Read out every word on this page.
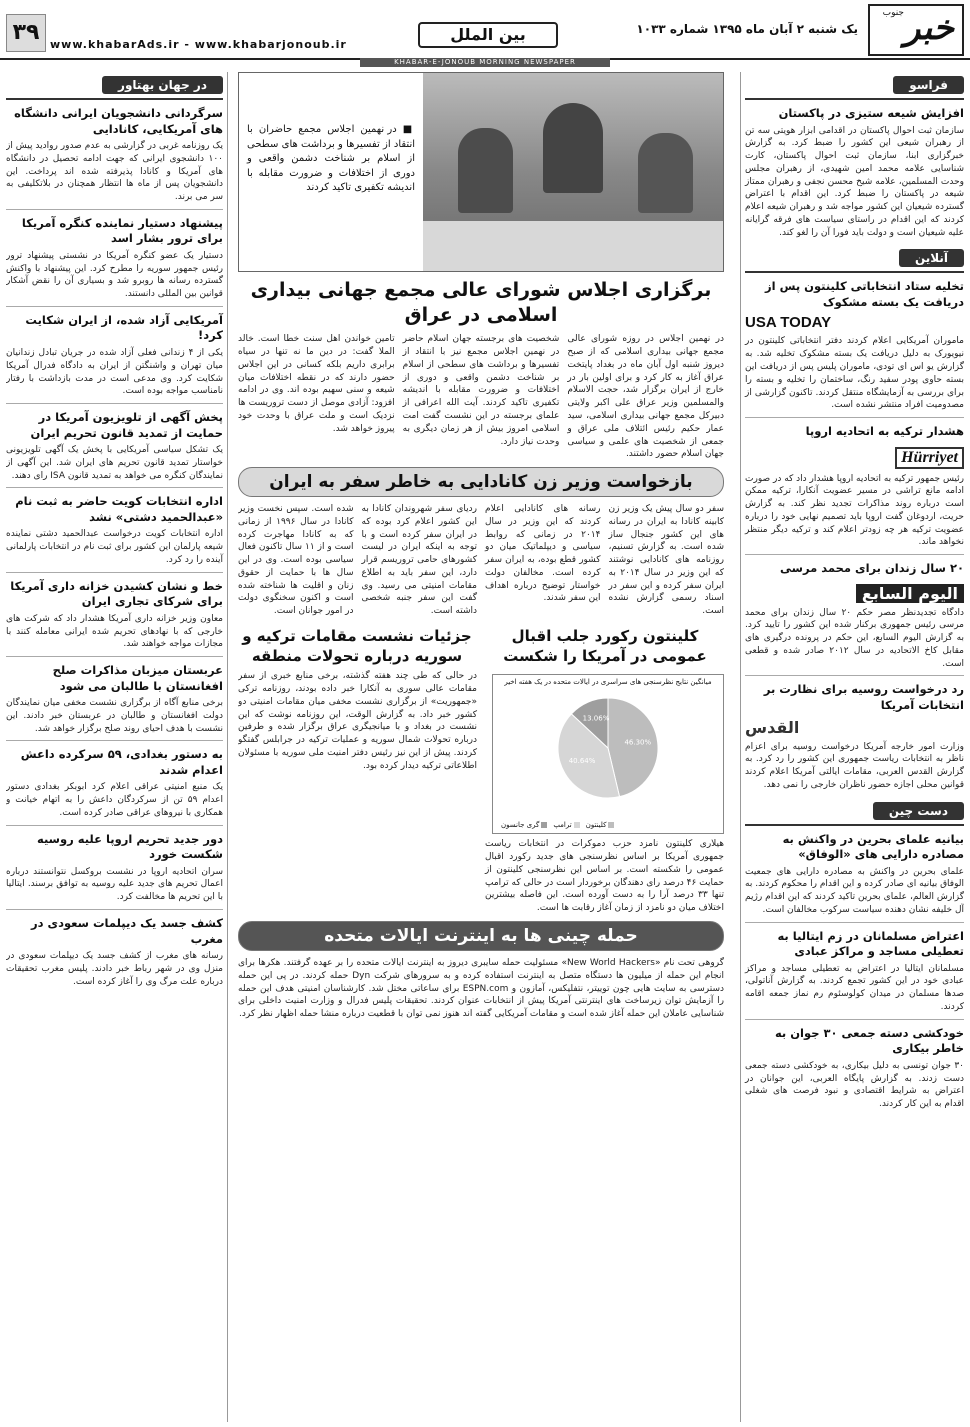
خبر
جنوب
یک شنبه ۲ آبان ماه ۱۳۹۵ شماره ۱۰۳۳
بین الملل
www.khabarAds.ir - www.khabarjonoub.ir
۳۹
KHABAR-E-JONOUB MORNING NEWSPAPER
فراسو
افزایش شیعه ستیزی در پاکستان
سازمان ثبت احوال پاکستان در اقدامی ابزار هویتی سه تن از رهبران شیعی این کشور را ضبط کرد. به گزارش خبرگزاری ابنا، سازمان ثبت احوال پاکستان، کارت شناسایی علامه محمد امین شهیدی، از رهبران مجلس وحدت المسلمین، علامه شیخ محسن نجفی و رهبران ممتاز شیعه در پاکستان را ضبط کرد. این اقدام با اعتراض گسترده شیعیان این کشور مواجه شد و رهبران شیعه اعلام کردند که این اقدام در راستای سیاست های فرقه گرایانه علیه شیعیان است و دولت باید فورا آن را لغو کند.
آنلاین
تخلیه ستاد انتخاباتی کلینتون پس از دریافت یک بسته مشکوک
USA TODAY
ماموران آمریکایی اعلام کردند دفتر انتخاباتی کلینتون در نیویورک به دلیل دریافت یک بسته مشکوک تخلیه شد. به گزارش یو اس ای تودی، ماموران پلیس پس از دریافت این بسته حاوی پودر سفید رنگ، ساختمان را تخلیه و بسته را برای بررسی به آزمایشگاه منتقل کردند. تاکنون گزارشی از مصدومیت افراد منتشر نشده است.
هشدار ترکیه به اتحادیه اروپا
Hürriyet
رئیس جمهور ترکیه به اتحادیه اروپا هشدار داد که در صورت ادامه مانع تراشی در مسیر عضویت آنکارا، ترکیه ممکن است درباره روند مذاکرات تجدید نظر کند. به گزارش حریت، اردوغان گفت اروپا باید تصمیم نهایی خود را درباره عضویت ترکیه هر چه زودتر اعلام کند و ترکیه دیگر منتظر نخواهد ماند.
۲۰ سال زندان برای محمد مرسی
اليوم السابع
دادگاه تجدیدنظر مصر حکم ۲۰ سال زندان برای محمد مرسی رئیس جمهوری برکنار شده این کشور را تایید کرد. به گزارش الیوم السابع، این حکم در پرونده درگیری های مقابل کاخ الاتحادیه در سال ۲۰۱۲ صادر شده و قطعی است.
رد درخواست روسیه برای نظارت بر انتخابات آمریکا
القدس
وزارت امور خارجه آمریکا درخواست روسیه برای اعزام ناظر به انتخابات ریاست جمهوری این کشور را رد کرد. به گزارش القدس العربی، مقامات ایالتی آمریکا اعلام کردند قوانین محلی اجازه حضور ناظران خارجی را نمی دهد.
دست چین
بیانیه علمای بحرین در واکنش به مصادره دارایی های «الوفاق»
علمای بحرین در واکنش به مصادره دارایی های جمعیت الوفاق بیانیه ای صادر کرده و این اقدام را محکوم کردند. به گزارش العالم، علمای بحرین تاکید کردند که این اقدام رژیم آل خلیفه نشان دهنده سیاست سرکوب مخالفان است.
اعتراض مسلمانان در زم ایتالیا به تعطیلی مساجد و مراکز عبادی
مسلمانان ایتالیا در اعتراض به تعطیلی مساجد و مراکز عبادی خود در این کشور تجمع کردند. به گزارش آناتولی، صدها مسلمان در میدان کولوسئوم رم نماز جمعه اقامه کردند.
خودکشی دسته جمعی ۳۰ جوان به خاطر بیکاری
۳۰ جوان تونسی به دلیل بیکاری، به خودکشی دسته جمعی دست زدند. به گزارش پایگاه العربی، این جوانان در اعتراض به شرایط اقتصادی و نبود فرصت های شغلی اقدام به این کار کردند.
■ در نهمین اجلاس مجمع حاضران با انتقاد از تفسیرها و برداشت های سطحی از اسلام بر شناخت دشمن واقعی و دوری از اختلافات و ضرورت مقابله با اندیشه تکفیری تاکید کردند
برگزاری اجلاس شورای عالی مجمع جهانی بیداری اسلامی در عراق
در نهمین اجلاس در روزه شورای عالی مجمع جهانی بیداری اسلامی که از صبح دیروز شنبه اول آبان ماه در بغداد پایتخت عراق آغاز به کار کرد و برای اولین بار در خارج از ایران برگزار شد، حجت الاسلام والمسلمین وزیر عراق علی اکبر ولایتی دبیرکل مجمع جهانی بیداری اسلامی، سید عمار حکیم رئیس ائتلاف ملی عراق و جمعی از شخصیت های علمی و سیاسی جهان اسلام حضور داشتند.
شخصیت های برجسته جهان اسلام حاضر در نهمین اجلاس مجمع نیز با انتقاد از تفسیرها و برداشت های سطحی از اسلام بر شناخت دشمن واقعی و دوری از اختلافات و ضرورت مقابله با اندیشه تکفیری تاکید کردند. آیت الله اعرافی از علمای برجسته در این نشست گفت امت اسلامی امروز بیش از هر زمان دیگری به وحدت نیاز دارد.
تامین خواندن اهل سنت خطا است. خالد الملا گفت: در دین ما نه تنها در سیاه برابری داریم بلکه کسانی در این اجلاس حضور دارند که در نقطه اختلافات میان شیعه و سنی سهیم بوده اند. وی در ادامه افزود: آزادی موصل از دست تروریست ها نزدیک است و ملت عراق با وحدت خود پیروز خواهد شد.
بازخواست وزیر زن کانادایی به خاطر سفر به ایران
سفر دو سال پیش یک وزیر زن کابینه کانادا به ایران در رسانه های این کشور جنجال ساز شده است. به گزارش تسنیم، روزنامه های کانادایی نوشتند که این وزیر در سال ۲۰۱۴ به ایران سفر کرده و این سفر در اسناد رسمی گزارش نشده است.
رسانه های کانادایی اعلام کردند که این وزیر در سال ۲۰۱۴ در زمانی که روابط سیاسی و دیپلماتیک میان دو کشور قطع بوده، به ایران سفر کرده است. مخالفان دولت خواستار توضیح درباره اهداف این سفر شدند.
ردیای سفر شهروندان کانادا به این کشور اعلام کرد بوده که در ایران سفر کرده است و با توجه به اینکه ایران در لیست کشورهای حامی تروریسم قرار دارد، این سفر باید به اطلاع مقامات امنیتی می رسید. وی گفت این سفر جنبه شخصی داشته است.
شده است. سپس نخست وزیر کانادا در سال ۱۹۹۶ از زمانی که به کانادا مهاجرت کرده است و از ۱۱ سال تاکنون فعال سیاسی بوده است. وی در این سال ها با حمایت از حقوق زنان و اقلیت ها شناخته شده است و اکنون سخنگوی دولت در امور جوانان است.
کلینتون رکورد جلب اقبال عمومی در آمریکا را شکست
جزئیات نشست مقامات ترکیه و سوریه درباره تحولات منطقه
میانگین نتایج نظرسنجی های سراسری در ایالات متحده در یک هفته اخیر
46.30%
40.64%
13.06%
کلینتون
ترامپ
گری جانسون
هیلاری کلینتون نامزد حزب دموکرات در انتخابات ریاست جمهوری آمریکا بر اساس نظرسنجی های جدید رکورد اقبال عمومی را شکسته است. بر اساس این نظرسنجی کلینتون از حمایت ۴۶ درصد رای دهندگان برخوردار است در حالی که ترامپ تنها ۳۳ درصد آرا را به دست آورده است. این فاصله بیشترین اختلاف میان دو نامزد از زمان آغاز رقابت ها است.
در حالی که طی چند هفته گذشته، برخی منابع خبری از سفر مقامات عالی سوری به آنکارا خبر داده بودند، روزنامه ترکی «جمهوریت» از برگزاری نشست مخفی میان مقامات امنیتی دو کشور خبر داد. به گزارش الوقت، این روزنامه نوشت که این نشست در بغداد و با میانجیگری عراق برگزار شده و طرفین درباره تحولات شمال سوریه و عملیات ترکیه در جرابلس گفتگو کردند. پیش از این نیز رئیس دفتر امنیت ملی سوریه با مسئولان اطلاعاتی ترکیه دیدار کرده بود.
حمله چینی ها به اینترنت ایالات متحده
گروهی تحت نام «New World Hackers» مسئولیت حمله سایبری دیروز به اینترنت ایالات متحده را بر عهده گرفتند. هکرها برای انجام این حمله از میلیون ها دستگاه متصل به اینترنت استفاده کرده و به سرورهای شرکت Dyn حمله کردند. در پی این حمله دسترسی به سایت هایی چون توییتر، نتفلیکس، آمازون و ESPN.com برای ساعاتی مختل شد. کارشناسان امنیتی هدف این حمله را آزمایش توان زیرساخت های اینترنتی آمریکا پیش از انتخابات عنوان کردند. تحقیقات پلیس فدرال و وزارت امنیت داخلی برای شناسایی عاملان این حمله آغاز شده است و مقامات آمریکایی گفته اند هنوز نمی توان با قطعیت درباره منشا حمله اظهار نظر کرد.
در جهان بهتاور
سرگردانی دانشجویان ایرانی دانشگاه های آمریکایی، کانادایی
یک روزنامه غربی در گزارشی به عدم صدور روادید پیش از ۱۰۰ دانشجوی ایرانی که جهت ادامه تحصیل در دانشگاه های آمریکا و کانادا پذیرفته شده اند پرداخت. این دانشجویان پس از ماه ها انتظار همچنان در بلاتکلیفی به سر می برند.
پیشنهاد دستیار نماینده کنگره آمریکا برای ترور بشار اسد
دستیار یک عضو کنگره آمریکا در نشستی پیشنهاد ترور رئیس جمهور سوریه را مطرح کرد. این پیشنهاد با واکنش گسترده رسانه ها روبرو شد و بسیاری آن را نقض آشکار قوانین بین المللی دانستند.
آمریکایی آزاد شده، از ایران شکایت کرد!
یکی از ۴ زندانی فعلی آزاد شده در جریان تبادل زندانیان میان تهران و واشنگتن از ایران به دادگاه فدرال آمریکا شکایت کرد. وی مدعی است در مدت بازداشت با رفتار نامناسب مواجه بوده است.
پخش آگهی از تلویزیون آمریکا در حمایت از تمدید قانون تحریم ایران
یک تشکل سیاسی آمریکایی با پخش یک آگهی تلویزیونی خواستار تمدید قانون تحریم های ایران شد. این آگهی از نمایندگان کنگره می خواهد به تمدید قانون ISA رای دهند.
اداره انتخابات کویت حاضر به ثبت نام «عبدالحمید دشتی» نشد
اداره انتخابات کویت درخواست عبدالحمید دشتی نماینده شیعه پارلمان این کشور برای ثبت نام در انتخابات پارلمانی آینده را رد کرد.
خط و نشان کشیدن خزانه داری آمریکا برای شرکای تجاری ایران
معاون وزیر خزانه داری آمریکا هشدار داد که شرکت های خارجی که با نهادهای تحریم شده ایرانی معامله کنند با مجازات مواجه خواهند شد.
عربستان میزبان مذاکرات صلح افغانستان با طالبان می شود
برخی منابع آگاه از برگزاری نشست مخفی میان نمایندگان دولت افغانستان و طالبان در عربستان خبر دادند. این نشست با هدف احیای روند صلح برگزار خواهد شد.
به دستور بغدادی، ۵۹ سرکرده داعش اعدام شدند
یک منبع امنیتی عراقی اعلام کرد ابوبکر بغدادی دستور اعدام ۵۹ تن از سرکردگان داعش را به اتهام خیانت و همکاری با نیروهای عراقی صادر کرده است.
دور جدید تحریم اروپا علیه روسیه شکست خورد
سران اتحادیه اروپا در نشست بروکسل نتوانستند درباره اعمال تحریم های جدید علیه روسیه به توافق برسند. ایتالیا با این تحریم ها مخالفت کرد.
کشف جسد یک دیپلمات سعودی در مغرب
رسانه های مغرب از کشف جسد یک دیپلمات سعودی در منزل وی در شهر رباط خبر دادند. پلیس مغرب تحقیقات درباره علت مرگ وی را آغاز کرده است.
